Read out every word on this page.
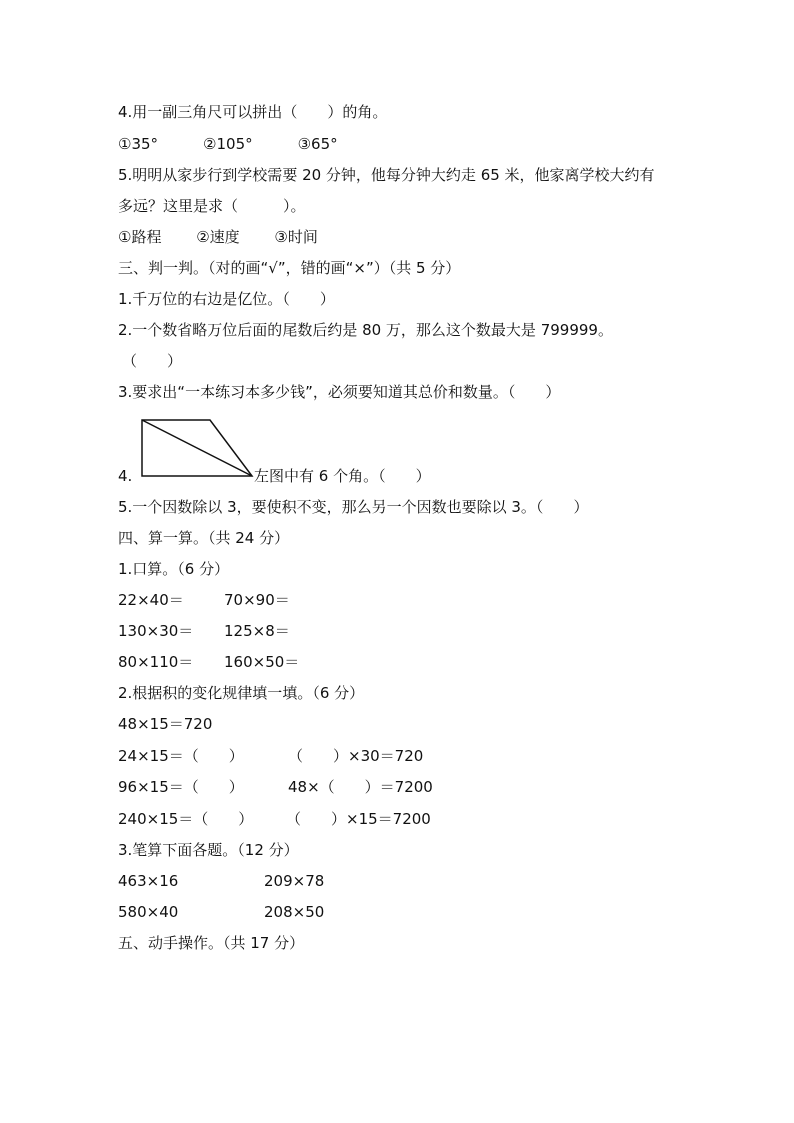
4.用一副三角尺可以拼出（　　）的角。
①35°　　　②105°　　　③65°
5.明明从家步行到学校需要 20 分钟，他每分钟大约走 65 米，他家离学校大约有
多远？这里是求（　　　）。
①路程　　 ②速度　　 ③时间
三、判一判。（对的画“√”，错的画“×”）（共 5 分）
1.千万位的右边是亿位。（　　）
2.一个数省略万位后面的尾数后约是 80 万，那么这个数最大是 799999。
（　　）
3.要求出“一本练习本多少钱”，必须要知道其总价和数量。（　　）
4.	左图中有 6 个角。（　　）
5.一个因数除以 3，要使积不变，那么另一个因数也要除以 3。（　　）
四、算一算。（共 24 分）
1.口算。（6 分）
22×40＝	70×90＝
130×30＝ 125×8＝
80×110＝ 160×50＝
2.根据积的变化规律填一填。（6 分）
48×15＝720
24×15＝（　　）	（　　）×30＝720
96×15＝（　　）	48×（　　）＝7200
240×15＝（　　） （　　）×15＝7200
3.笔算下面各题。（12 分）
463×16	209×78
580×40	208×50
五、动手操作。（共 17 分）
